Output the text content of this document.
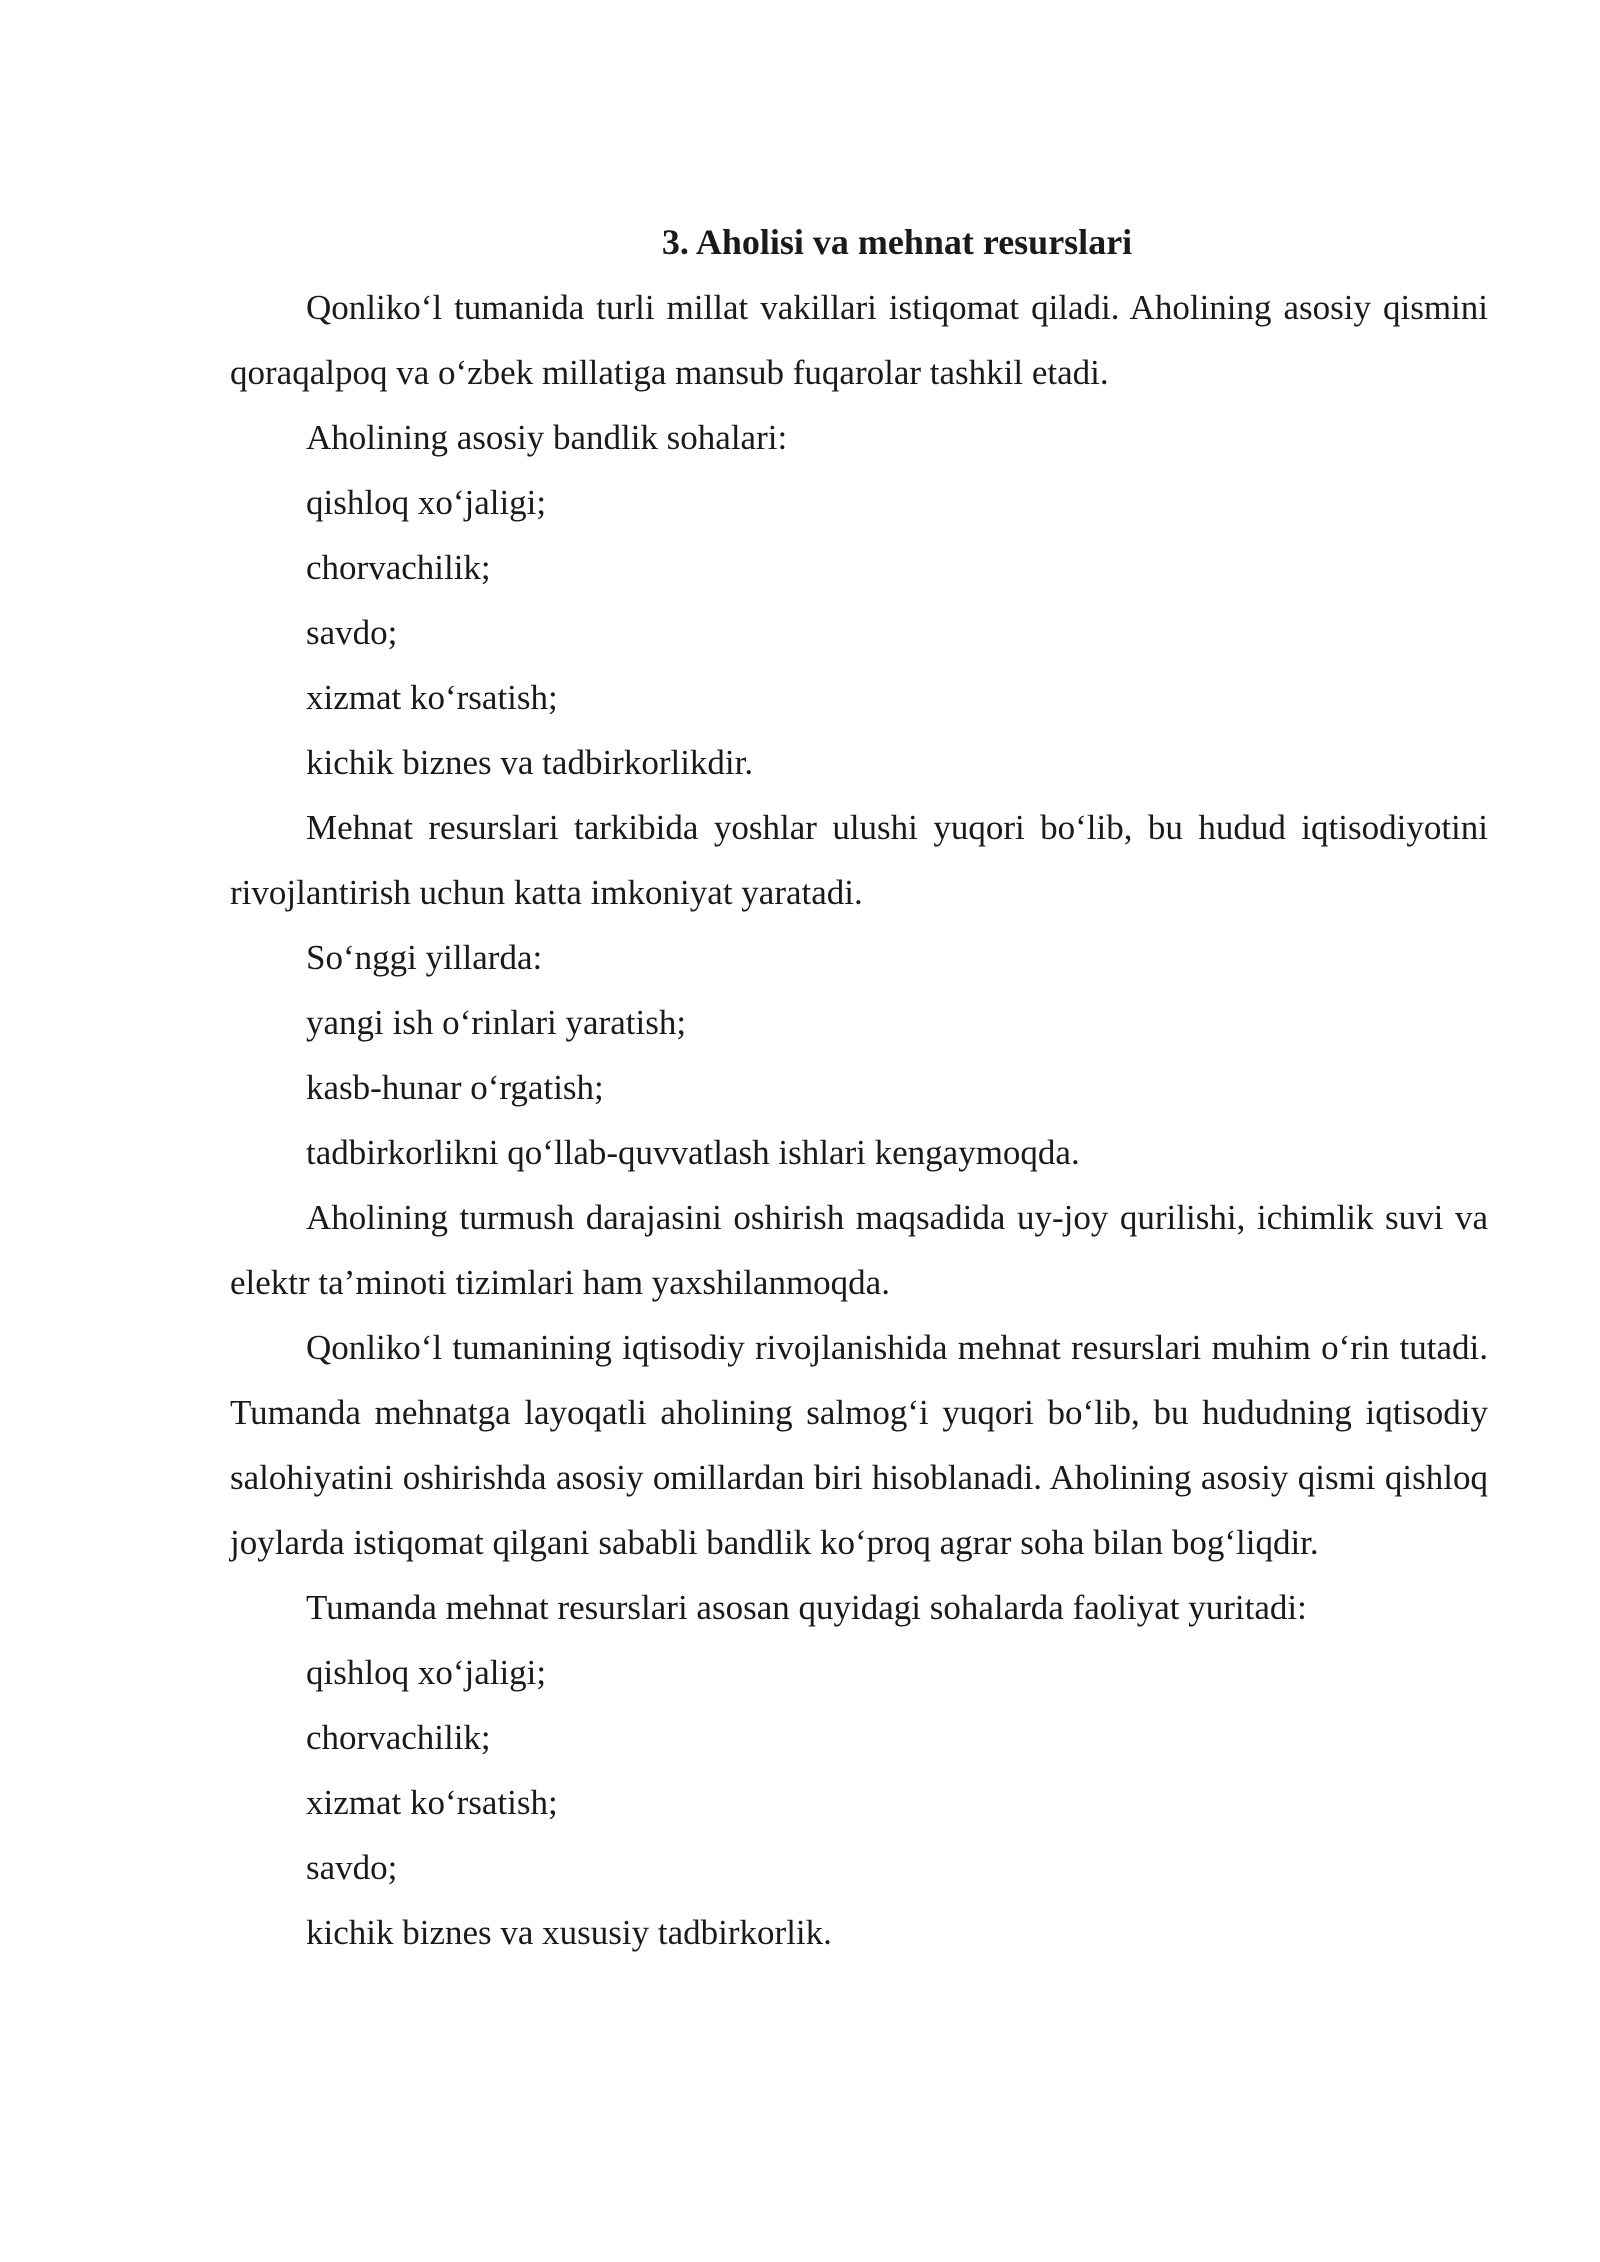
3. Aholisi va mehnat resurslari

Qonliko‘l tumanida turli millat vakillari istiqomat qiladi. Aholining asosiy qismini qoraqalpoq va o‘zbek millatiga mansub fuqarolar tashkil etadi.

Aholining asosiy bandlik sohalari:

qishloq xo‘jaligi;

chorvachilik;

savdo;

xizmat ko‘rsatish;

kichik biznes va tadbirkorlikdir.

Mehnat resurslari tarkibida yoshlar ulushi yuqori bo‘lib, bu hudud iqtisodiyotini rivojlantirish uchun katta imkoniyat yaratadi.

So‘nggi yillarda:

yangi ish o‘rinlari yaratish;

kasb-hunar o‘rgatish;

tadbirkorlikni qo‘llab-quvvatlash ishlari kengaymoqda.

Aholining turmush darajasini oshirish maqsadida uy-joy qurilishi, ichimlik suvi va elektr ta’minoti tizimlari ham yaxshilanmoqda.

Qonliko‘l tumanining iqtisodiy rivojlanishida mehnat resurslari muhim o‘rin tutadi. Tumanda mehnatga layoqatli aholining salmog‘i yuqori bo‘lib, bu hududning iqtisodiy salohiyatini oshirishda asosiy omillardan biri hisoblanadi. Aholining asosiy qismi qishloq joylarda istiqomat qilgani sababli bandlik ko‘proq agrar soha bilan bog‘liqdir.

Tumanda mehnat resurslari asosan quyidagi sohalarda faoliyat yuritadi:

qishloq xo‘jaligi;

chorvachilik;

xizmat ko‘rsatish;

savdo;

kichik biznes va xususiy tadbirkorlik.
